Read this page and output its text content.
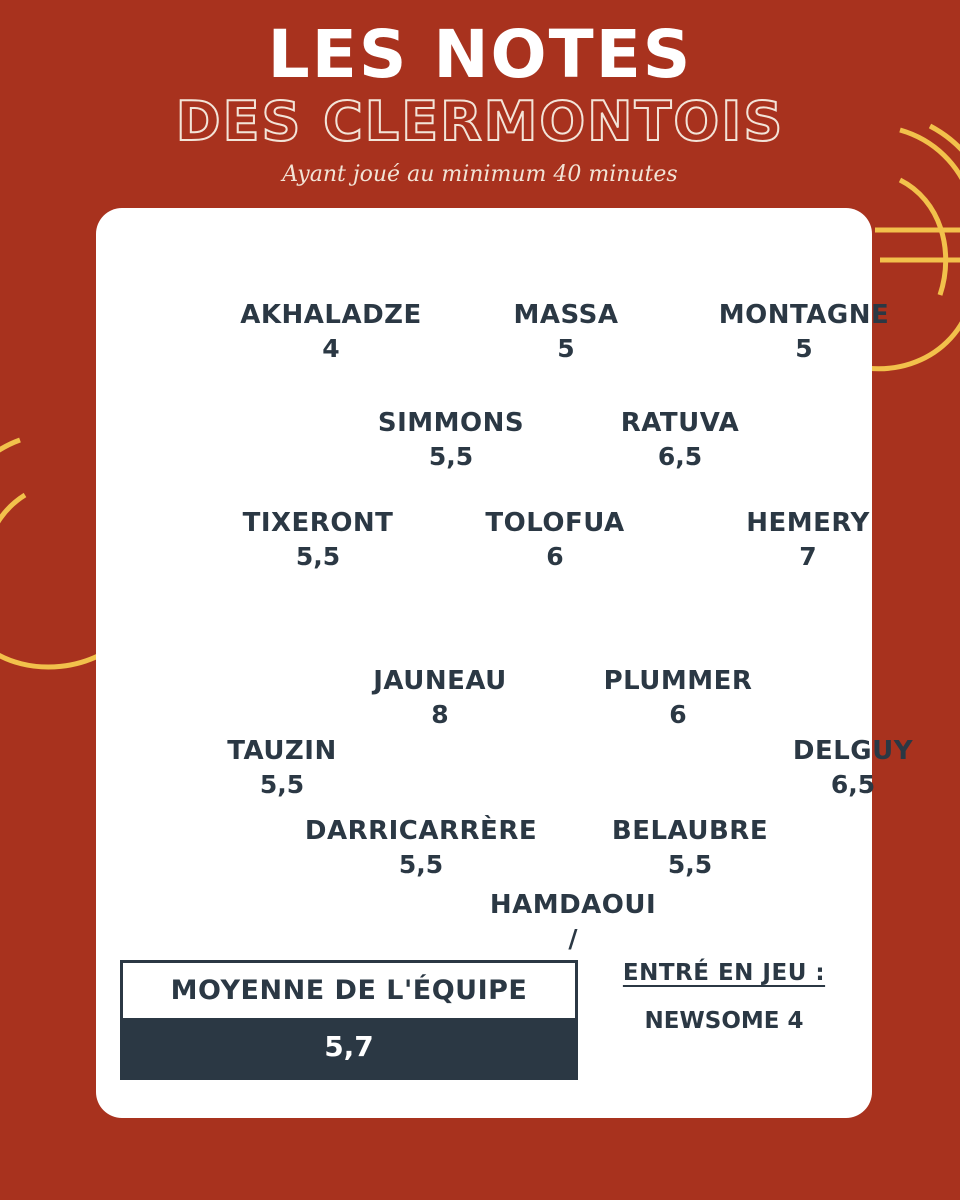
LES NOTES
DES CLERMONTOIS
Ayant joué au minimum 40 minutes
AKHALADZE
4
MASSA
5
MONTAGNE
5
SIMMONS
5,5
RATUVA
6,5
TIXERONT
5,5
TOLOFUA
6
HEMERY
7
JAUNEAU
8
PLUMMER
6
TAUZIN
5,5
DELGUY
6,5
DARRICARRÈRE
5,5
BELAUBRE
5,5
HAMDAOUI
/
MOYENNE DE L'ÉQUIPE
5,7
ENTRÉ EN JEU :
NEWSOME 4
